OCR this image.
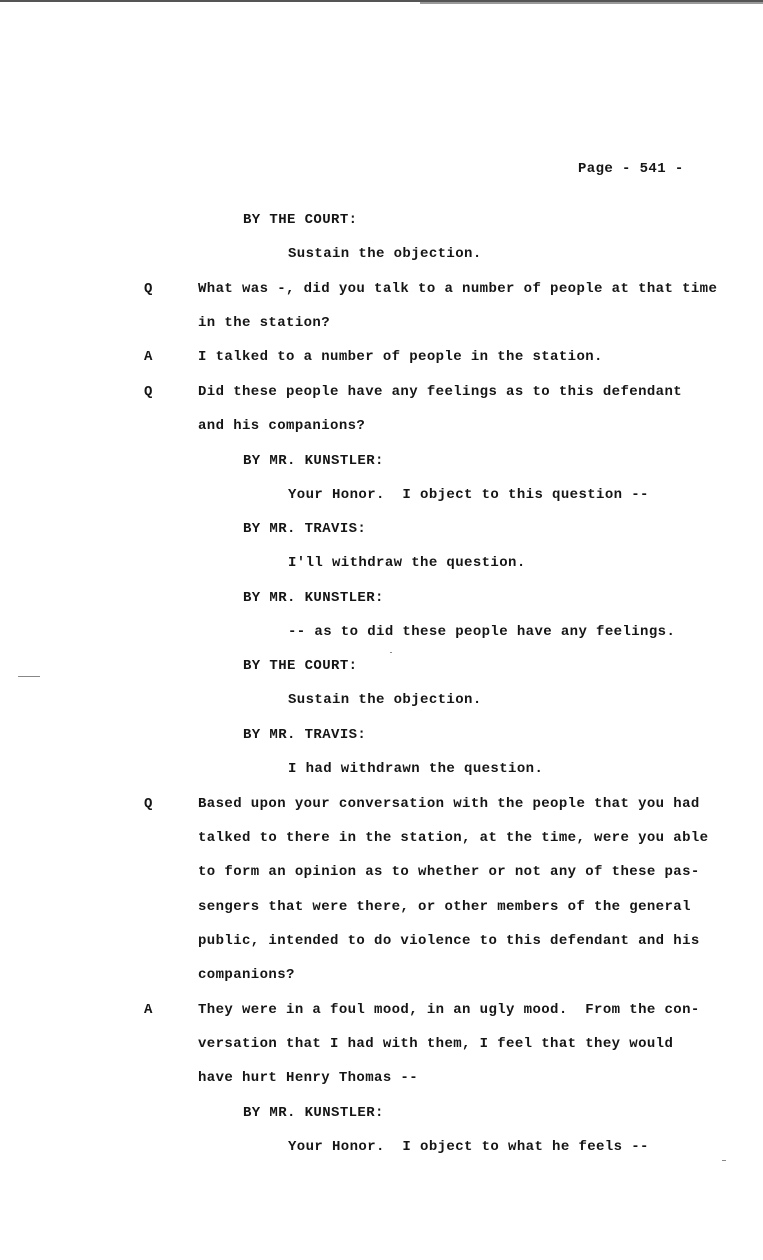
Page - 541 -
BY THE COURT:
Sustain the objection.
Q	What was -, did you talk to a number of people at that time
in the station?
A	I talked to a number of people in the station.
Q	Did these people have any feelings as to this defendant
and his companions?
BY MR. KUNSTLER:
Your Honor.  I object to this question --
BY MR. TRAVIS:
I'll withdraw the question.
BY MR. KUNSTLER:
-- as to did these people have any feelings.
BY THE COURT:
Sustain the objection.
BY MR. TRAVIS:
I had withdrawn the question.
Q	Based upon your conversation with the people that you had
talked to there in the station, at the time, were you able
to form an opinion as to whether or not any of these pas-
sengers that were there, or other members of the general
public, intended to do violence to this defendant and his
companions?
A	They were in a foul mood, in an ugly mood.  From the con-
versation that I had with them, I feel that they would
have hurt Henry Thomas --
BY MR. KUNSTLER:
Your Honor.  I object to what he feels --
